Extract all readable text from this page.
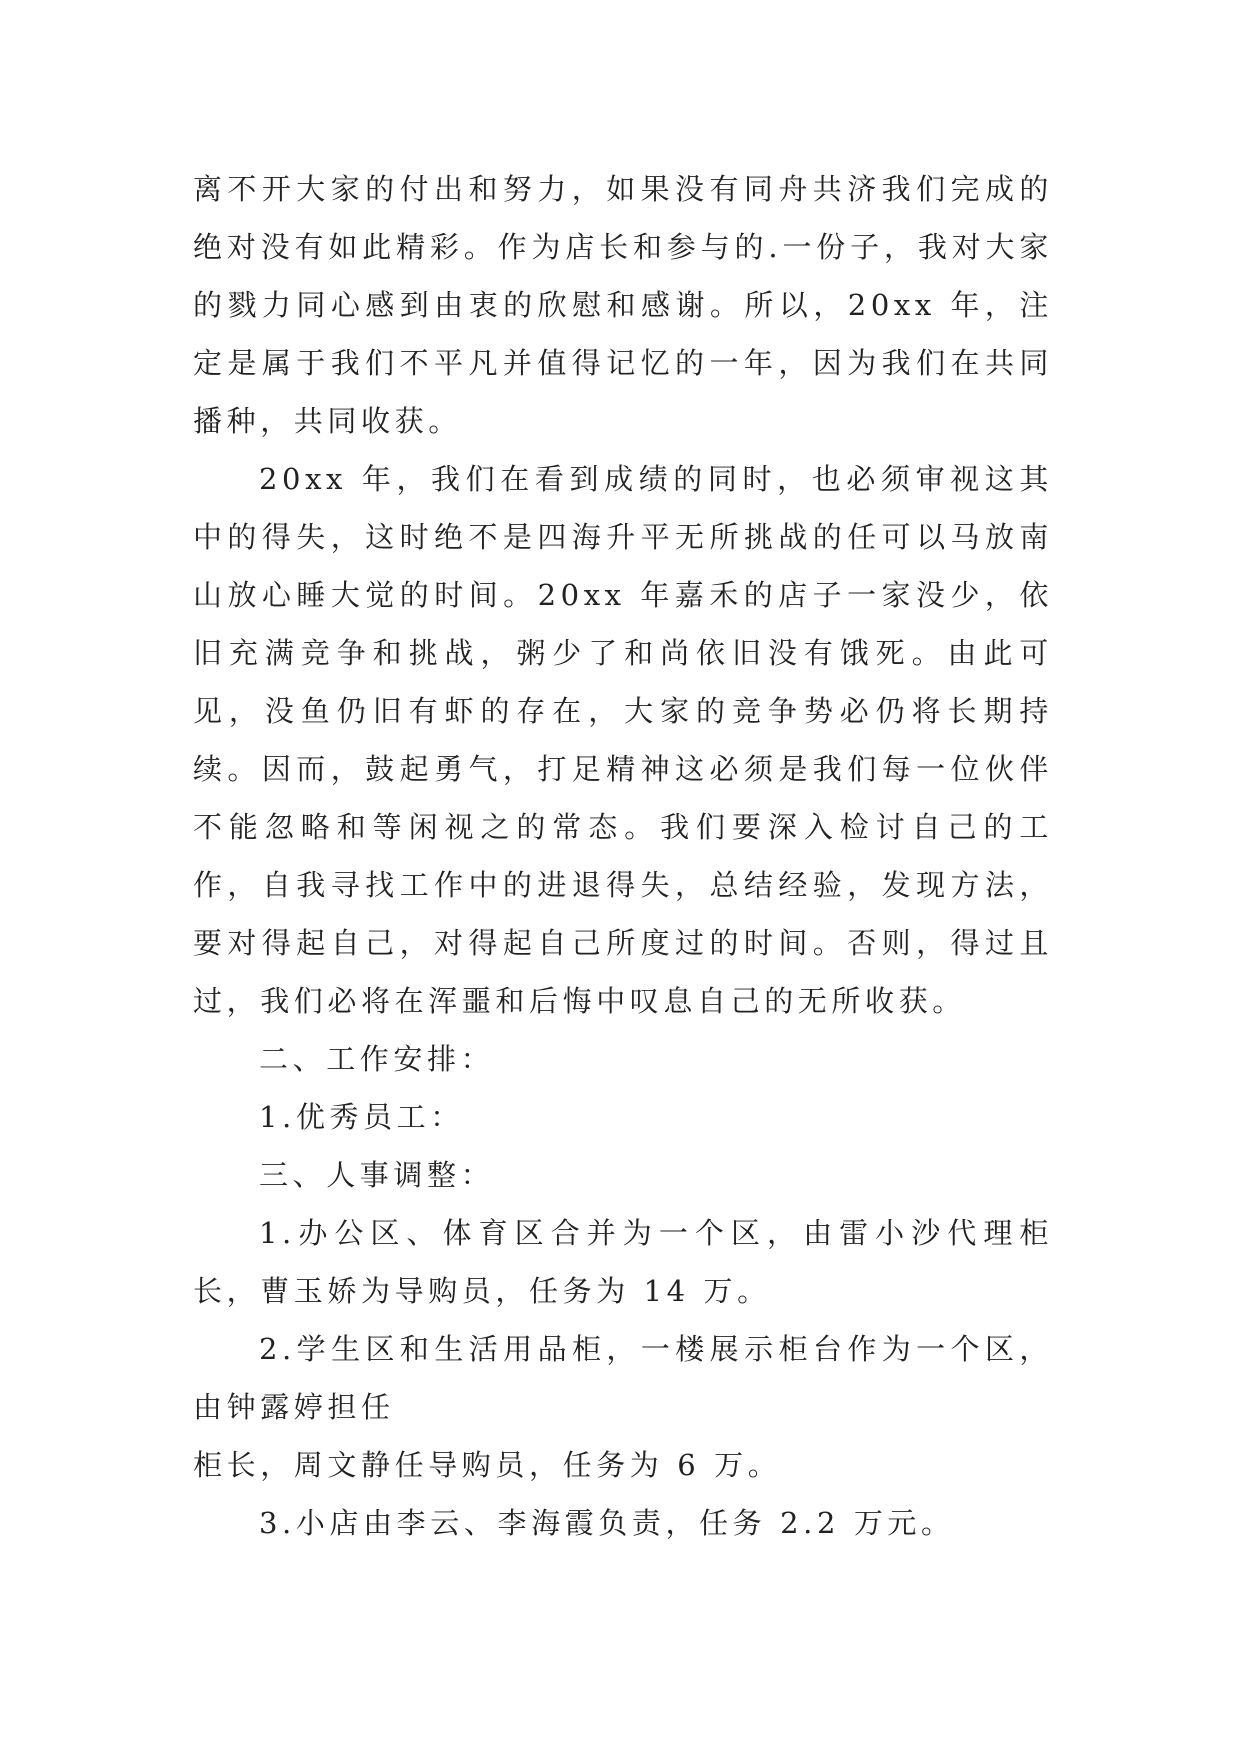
离不开大家的付出和努力，如果没有同舟共济我们完成的绝对没有如此精彩。作为店长和参与的.一份子，我对大家的戮力同心感到由衷的欣慰和感谢。所以，20xx 年，注定是属于我们不平凡并值得记忆的一年，因为我们在共同播种，共同收获。

20xx 年，我们在看到成绩的同时，也必须审视这其中的得失，这时绝不是四海升平无所挑战的任可以马放南山放心睡大觉的时间。20xx 年嘉禾的店子一家没少，依旧充满竞争和挑战，粥少了和尚依旧没有饿死。由此可见，没鱼仍旧有虾的存在，大家的竞争势必仍将长期持续。因而，鼓起勇气，打足精神这必须是我们每一位伙伴不能忽略和等闲视之的常态。我们要深入检讨自己的工作，自我寻找工作中的进退得失，总结经验，发现方法，要对得起自己，对得起自己所度过的时间。否则，得过且过，我们必将在浑噩和后悔中叹息自己的无所收获。

二、工作安排：

1.优秀员工：

三、人事调整：

1.办公区、体育区合并为一个区，由雷小沙代理柜长，曹玉娇为导购员，任务为 14 万。

2.学生区和生活用品柜，一楼展示柜台作为一个区，由钟露婷担任

柜长，周文静任导购员，任务为 6 万。

3.小店由李云、李海霞负责，任务 2.2 万元。
